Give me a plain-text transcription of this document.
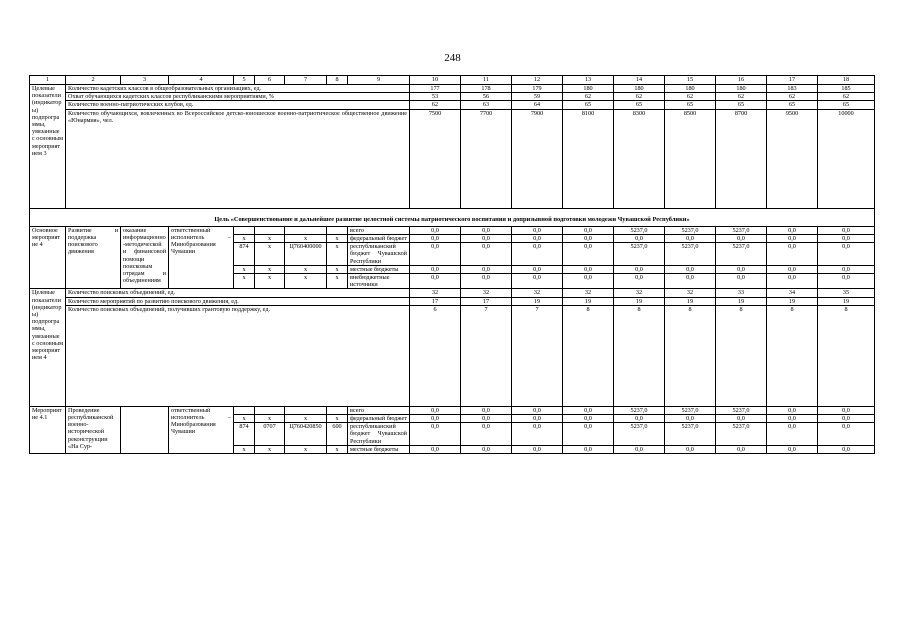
248
1	2	3	4	5	6	7	8	9	10	11	12	13	14	15	16	17	18
Целевые показатели (индикаторы) подпрограммы, увязанные с основным мероприятием 3	Количество кадетских классов в общеобразовательных организациях, ед.								177	178	179	180	180	180	180	183	185
	Охват обучающихся кадетских классов республиканскими мероприятиями, %								53	56	59	62	62	62	62	62	62
	Количество военно-патриотических клубов, ед.								62	63	64	65	65	65	65	65	65
	Количество обучающихся, вовлеченных во Всероссийское детско-юношеское военно-патриотическое общественное движение «Юнармия», чел.								7500	7700	7900	8100	8300	8500	8700	9500	10000
Цель «Совершенствование и дальнейшее развитие целостной системы патриотического воспитания и допризывной подготовки молодежи Чувашской Республики»																	
Основное мероприятие 4	Развитие и поддержка поискового движения	оказание информационно-методической и финансовой помощи поисковым отрядам и объединениям	ответственный исполнитель – Минобразования Чувашии					всего	0,0	0,0	0,0	0,0	5237,0	5237,0	5237,0	0,0	0,0
				x	x	x	x	федеральный бюджет	0,0	0,0	0,0	0,0	0,0	0,0	0,0	0,0	0,0
				874	x	Ц760400000	x	республиканский бюджет Чувашской Республики	0,0	0,0	0,0	0,0	5237,0	5237,0	5237,0	0,0	0,0
				x	x	x	x	местные бюджеты	0,0	0,0	0,0	0,0	0,0	0,0	0,0	0,0	0,0
				x	x	x	x	внебюджетные источники	0,0	0,0	0,0	0,0	0,0	0,0	0,0	0,0	0,0
Целевые показатели (индикаторы) подпрограммы, увязанные с основным мероприятием 4	Количество поисковых объединений, ед.								32	32	32	32	32	32	33	34	35
	Количество мероприятий по развитию поискового движения, ед.								17	17	19	19	19	19	19	19	19
	Количество поисковых объединений, получивших грантовую поддержку, ед.								6	7	7	8	8	8	8	8	8
Мероприятие 4.1	Проведение республиканской военно-исторической реконструкции «На Сур-		ответственный исполнитель – Минобразования Чувашии					всего	0,0	0,0	0,0	0,0	5237,0	5237,0	5237,0	0,0	0,0
				x	x	x	x	федеральный бюджет	0,0	0,0	0,0	0,0	0,0	0,0	0,0	0,0	0,0
				874	0707	Ц760420850	600	республиканский бюджет Чувашской Республики	0,0	0,0	0,0	0,0	5237,0	5237,0	5237,0	0,0	0,0
				x	x	x	x	местные бюджеты	0,0	0,0	0,0	0,0	0,0	0,0	0,0	0,0	0,0
